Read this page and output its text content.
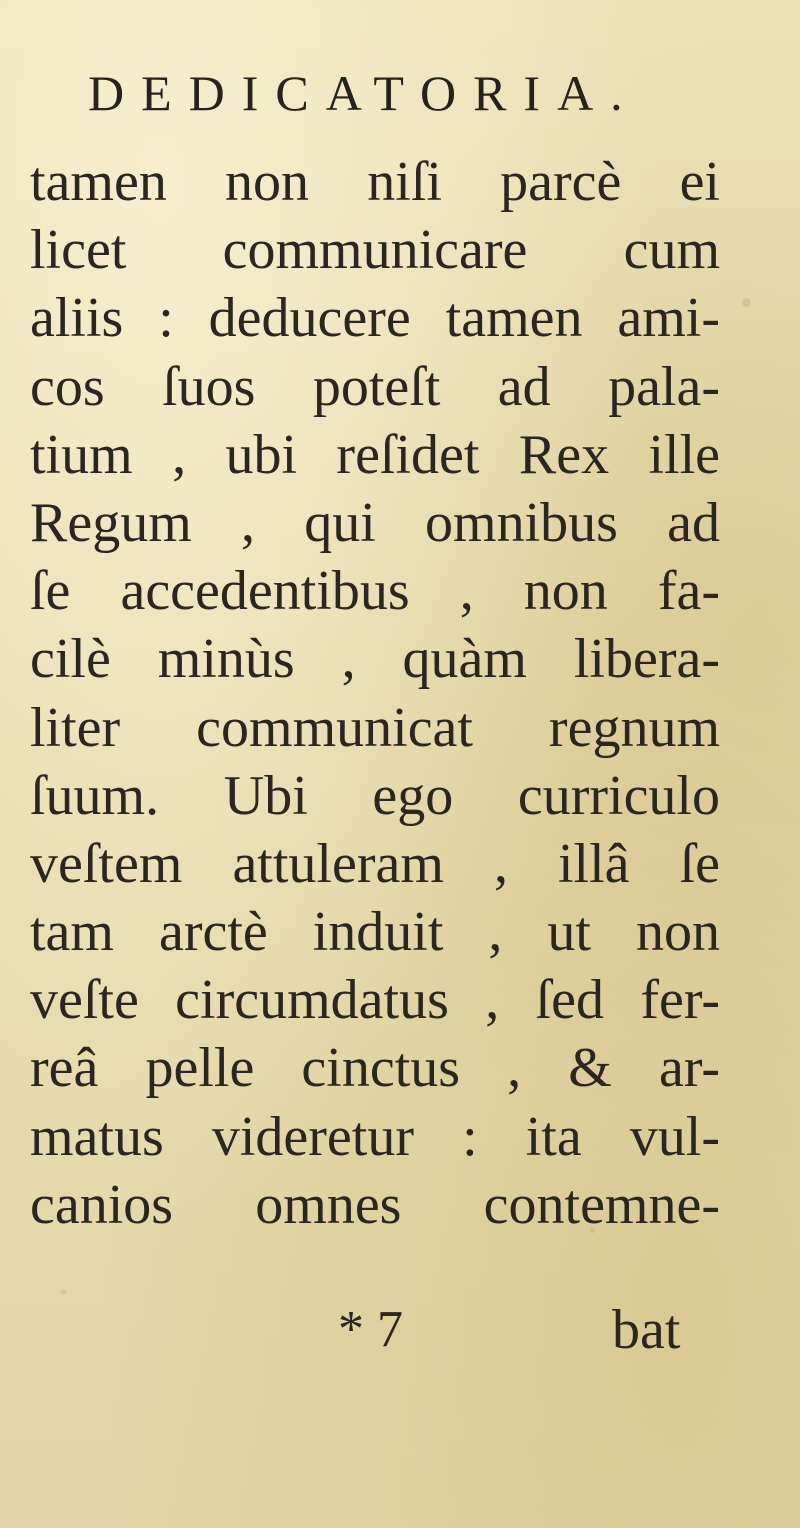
DEDICATORIA.
tamen non niſi parcè ei
licet communicare cum
aliis : deducere tamen ami-
cos ſuos poteſt ad pala-
tium , ubi reſidet Rex ille
Regum , qui omnibus ad
ſe accedentibus , non fa-
cilè minùs , quàm libera-
liter communicat regnum
ſuum. Ubi ego curriculo
veſtem attuleram , illâ ſe
tam arctè induit , ut non
veſte circumdatus , ſed fer-
reâ pelle cinctus , & ar-
matus videretur : ita vul-
canios omnes contemne-
* 7	bat
